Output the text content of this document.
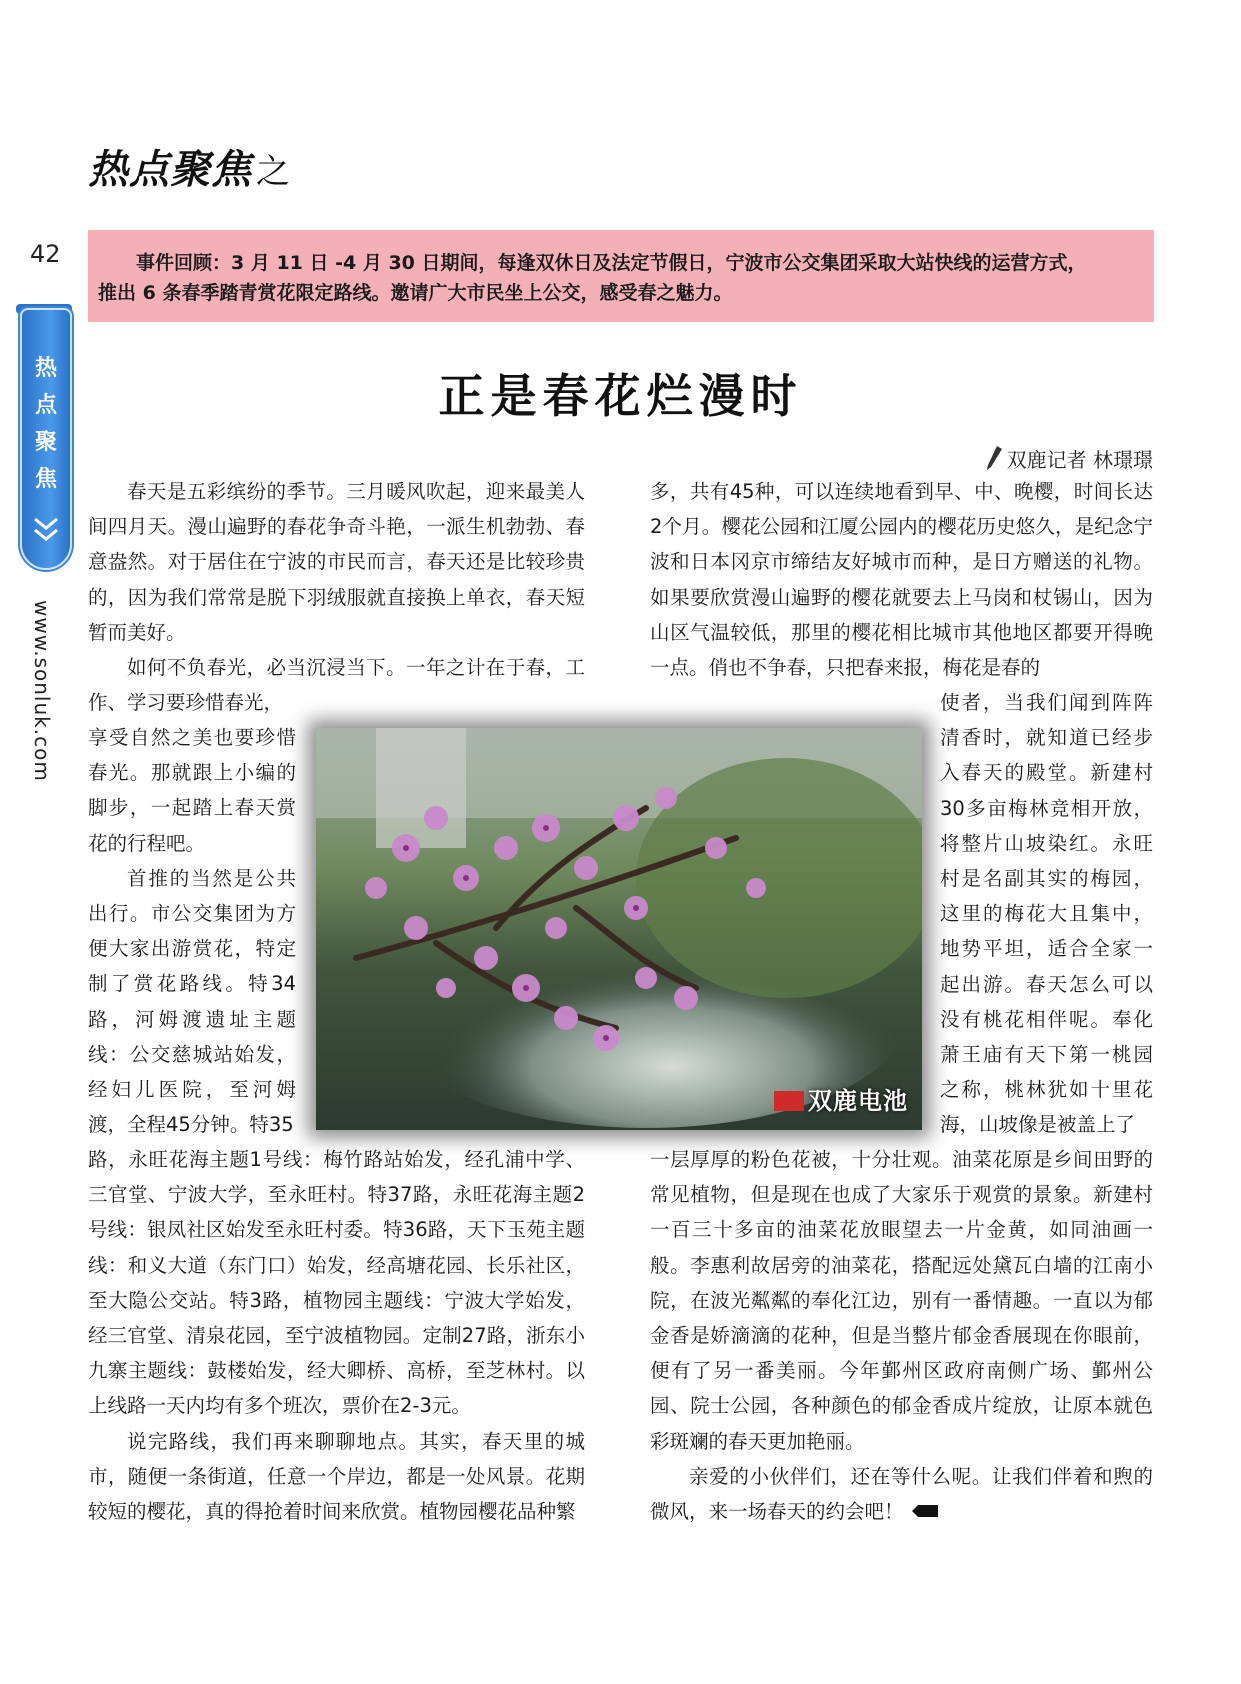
热点聚焦 之
42
热
点
聚
焦
www.sonluk.com

事件回顾：3 月 11 日 -4 月 30 日期间，每逢双休日及法定节假日，宁波市公交集团采取大站快线的运营方式，

推出 6 条春季踏青赏花限定路线。邀请广大市民坐上公交，感受春之魅力。

正是春花烂漫时
双鹿记者 林璟璟

春天是五彩缤纷的季节。三月暖风吹起，迎来最美人间四月天。漫山遍野的春花争奇斗艳，一派生机勃勃、春意盎然。对于居住在宁波的市民而言，春天还是比较珍贵的，因为我们常常是脱下羽绒服就直接换上单衣，春天短暂而美好。

如何不负春光，必当沉浸当下。一年之计在于春，工作、学习要珍惜春光，

享受自然之美也要珍惜春光。那就跟上小编的脚步，一起踏上春天赏花的行程吧。

首推的当然是公共出行。市公交集团为方便大家出游赏花，特定制了赏花路线。特34路，河姆渡遗址主题线：公交慈城站始发，经妇儿医院，至河姆渡，全程45分钟。特35

路，永旺花海主题1号线：梅竹路站始发，经孔浦中学、三官堂、宁波大学，至永旺村。特37路，永旺花海主题2号线：银凤社区始发至永旺村委。特36路，天下玉苑主题线：和义大道（东门口）始发，经高塘花园、长乐社区，至大隐公交站。特3路，植物园主题线：宁波大学始发，经三官堂、清泉花园，至宁波植物园。定制27路，浙东小九寨主题线：鼓楼始发，经大卿桥、高桥，至芝林村。以上线路一天内均有多个班次，票价在2-3元。

说完路线，我们再来聊聊地点。其实，春天里的城市，随便一条街道，任意一个岸边，都是一处风景。花期较短的樱花，真的得抢着时间来欣赏。植物园樱花品种繁

多，共有45种，可以连续地看到早、中、晚樱，时间长达2个月。樱花公园和江厦公园内的樱花历史悠久，是纪念宁波和日本冈京市缔结友好城市而种，是日方赠送的礼物。如果要欣赏漫山遍野的樱花就要去上马岗和杖锡山，因为山区气温较低，那里的樱花相比城市其他地区都要开得晚一点。俏也不争春，只把春来报，梅花是春的

使者，当我们闻到阵阵清香时，就知道已经步入春天的殿堂。新建村30多亩梅林竞相开放，将整片山坡染红。永旺村是名副其实的梅园，这里的梅花大且集中，地势平坦，适合全家一起出游。春天怎么可以没有桃花相伴呢。奉化萧王庙有天下第一桃园之称，桃林犹如十里花海，山坡像是被盖上了

一层厚厚的粉色花被，十分壮观。油菜花原是乡间田野的常见植物，但是现在也成了大家乐于观赏的景象。新建村一百三十多亩的油菜花放眼望去一片金黄，如同油画一般。李惠利故居旁的油菜花，搭配远处黛瓦白墙的江南小院，在波光粼粼的奉化江边，别有一番情趣。一直以为郁金香是娇滴滴的花种，但是当整片郁金香展现在你眼前，便有了另一番美丽。今年鄞州区政府南侧广场、鄞州公园、院士公园，各种颜色的郁金香成片绽放，让原本就色彩斑斓的春天更加艳丽。

亲爱的小伙伴们，还在等什么呢。让我们伴着和煦的微风，来一场春天的约会吧！

双鹿电池
